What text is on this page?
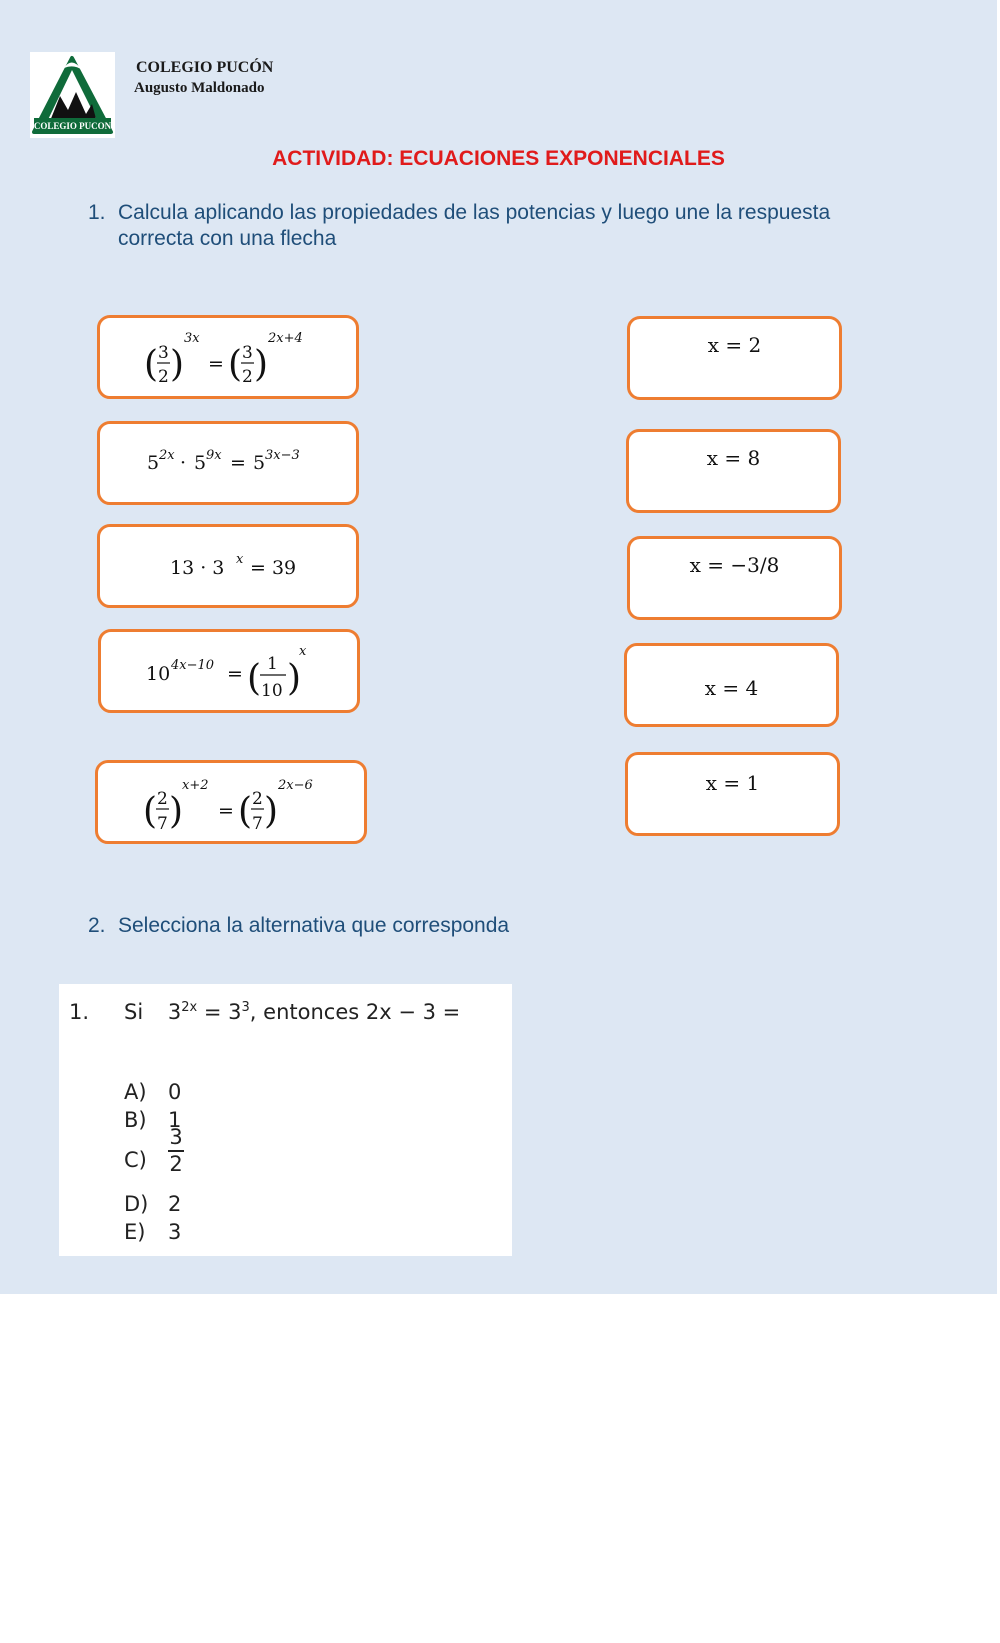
COLEGIO PUCON
COLEGIO PUCÓN
Augusto Maldonado
ACTIVIDAD: ECUACIONES EXPONENCIALES
1. Calcula aplicando las propiedades de las potencias y luego une la respuesta correcta con una flecha
( 3
2 )
3x
= ( 3
2 )
2x+4
5 2x · 5 9x = 5 3x−3
13 · 3 x = 39
10 4x−10 = ( 1
10 )
x
( 2
7 )
x+2
= ( 2
7 )
2x−6
x = 2
x = 8
x = −3/8
x = 4
x = 1
2. Selecciona la alternativa que corresponda
1. Si $3^{2x} = 3^3$, entonces 2x − 3 =
A) 0
B) 1
C)
3
2
D) 2
E) 3
